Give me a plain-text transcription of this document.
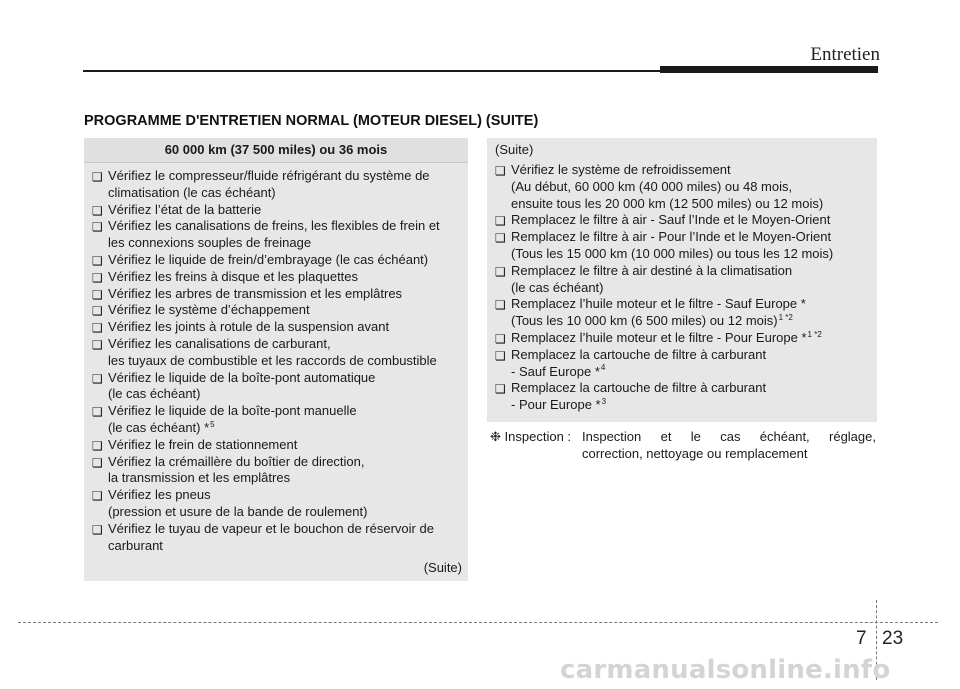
Entretien
PROGRAMME D'ENTRETIEN NORMAL (MOTEUR DIESEL) (SUITE)
60 000 km (37 500 miles) ou 36 mois
❑ Vérifiez le compresseur/fluide réfrigérant du système de
climatisation (le cas échéant)
❑ Vérifiez l’état de la batterie
❑ Vérifiez les canalisations de freins, les flexibles de frein et
les connexions souples de freinage
❑ Vérifiez le liquide de frein/d’embrayage (le cas échéant)
❑ Vérifiez les freins à disque et les plaquettes
❑ Vérifiez les arbres de transmission et les emplâtres
❑ Vérifiez le système d’échappement
❑ Vérifiez les joints à rotule de la suspension avant
❑ Vérifiez les canalisations de carburant,
les tuyaux de combustible et les raccords de combustible
❑ Vérifiez le liquide de la boîte-pont automatique
(le cas échéant)
❑ Vérifiez le liquide de la boîte-pont manuelle
(le cas échéant) *$^5$
❑ Vérifiez le frein de stationnement
❑ Vérifiez la crémaillère du boîtier de direction,
la transmission et les emplâtres
❑ Vérifiez les pneus
(pression et usure de la bande de roulement)
❑ Vérifiez le tuyau de vapeur et le bouchon de réservoir de
carburant
(Suite)
(Suite)
❑ Vérifiez le système de refroidissement
(Au début, 60 000 km (40 000 miles) ou 48 mois,
ensuite tous les 20 000 km (12 500 miles) ou 12 mois)
❑ Remplacez le filtre à air - Sauf l’Inde et le Moyen-Orient
❑ Remplacez le filtre à air - Pour l’Inde et le Moyen-Orient
(Tous les 15 000 km (10 000 miles) ou tous les 12 mois)
❑ Remplacez le filtre à air destiné à la climatisation
(le cas échéant)
❑ Remplacez l’huile moteur et le filtre - Sauf Europe *
(Tous les 10 000 km (6 500 miles) ou 12 mois)$^{1 *2}$
❑ Remplacez l’huile moteur et le filtre - Pour Europe *$^{1 *2}$
❑ Remplacez la cartouche de filtre à carburant
- Sauf Europe *$^4$
❑ Remplacez la cartouche de filtre à carburant
- Pour Europe *$^3$
❉ Inspection : Inspection et le cas échéant, réglage,
correction, nettoyage ou remplacement
7 23
carmanualsonline.info
